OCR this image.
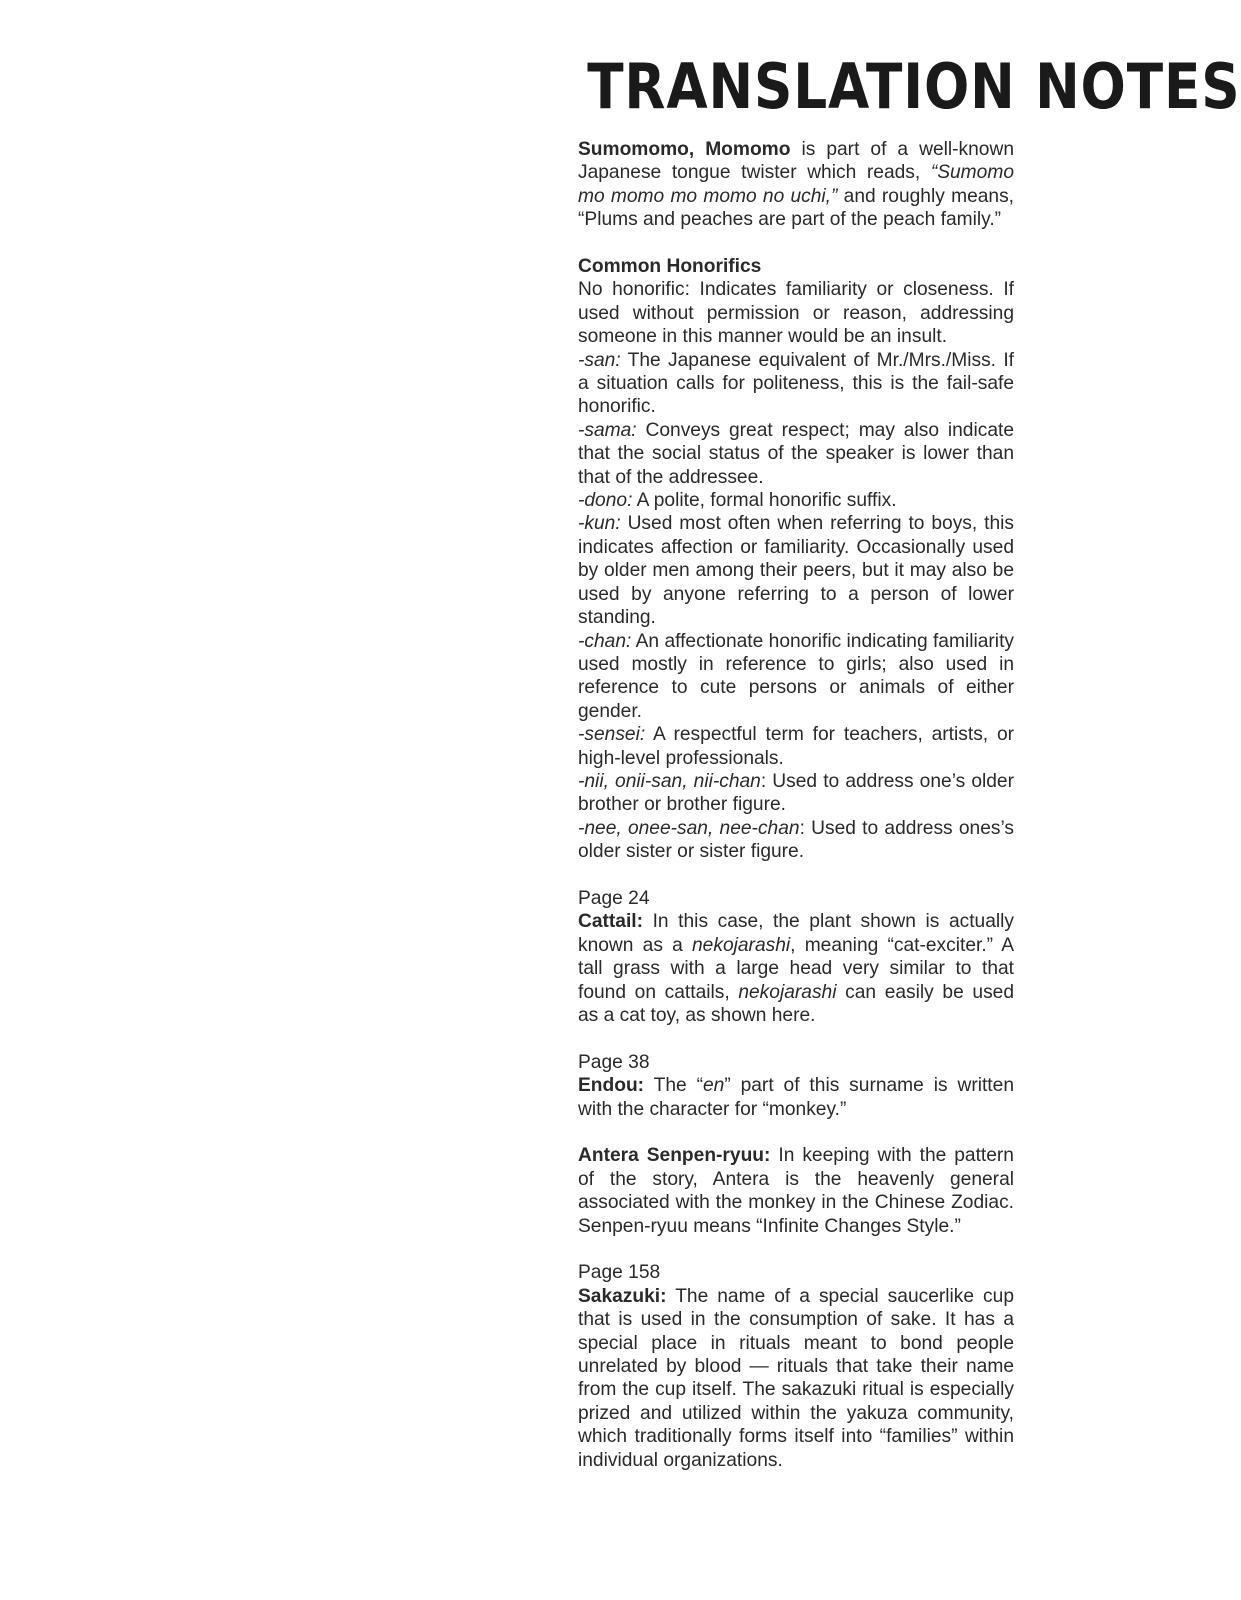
TRANSLATION NOTES

Sumomomo, Momomo is part of a well-known Japanese tongue twister which reads, “Sumomo mo momo mo momo no uchi,” and roughly means, “Plums and peaches are part of the peach family.”

Common Honorifics

No honorific: Indicates familiarity or closeness. If used without permission or reason, addressing someone in this manner would be an insult.

-san: The Japanese equivalent of Mr./Mrs./Miss. If a situation calls for politeness, this is the fail-safe honorific.

-sama: Conveys great respect; may also indicate that the social status of the speaker is lower than that of the addressee.

-dono: A polite, formal honorific suffix.

-kun: Used most often when referring to boys, this indicates affection or familiarity. Occasionally used by older men among their peers, but it may also be used by anyone referring to a person of lower standing.

-chan: An affectionate honorific indicating familiarity used mostly in reference to girls; also used in reference to cute persons or animals of either gender.

-sensei: A respectful term for teachers, artists, or high-level professionals.

-nii, onii-san, nii-chan: Used to address one’s older brother or brother figure.

-nee, onee-san, nee-chan: Used to address ones’s older sister or sister figure.

Page 24

Cattail: In this case, the plant shown is actually known as a nekojarashi, meaning “cat-exciter.” A tall grass with a large head very similar to that found on cattails, nekojarashi can easily be used as a cat toy, as shown here.

Page 38

Endou: The “en” part of this surname is written with the character for “monkey.”

Antera Senpen-ryuu: In keeping with the pattern of the story, Antera is the heavenly general associated with the monkey in the Chinese Zodiac. Senpen-ryuu means “Infinite Changes Style.”

Page 158

Sakazuki: The name of a special saucerlike cup that is used in the consumption of sake. It has a special place in rituals meant to bond people unrelated by blood — rituals that take their name from the cup itself. The sakazuki ritual is especially prized and utilized within the yakuza community, which traditionally forms itself into “families” within individual organizations.
